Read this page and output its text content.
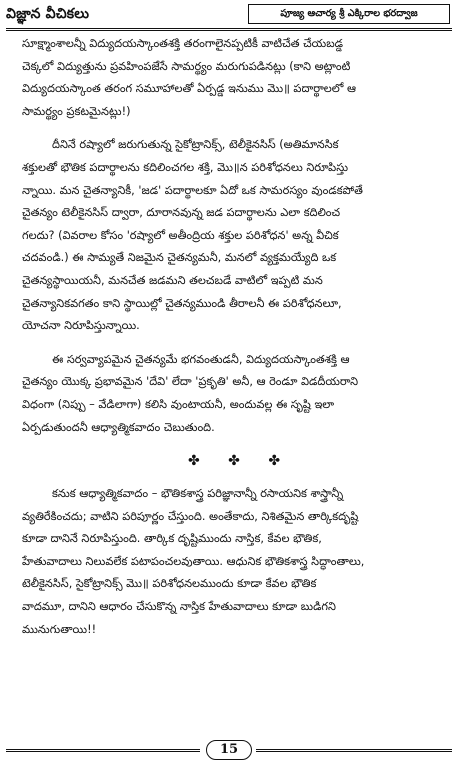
విజ్ఞాన వీచికలు	పూజ్య ఆచార్య శ్రీ ఎక్కిరాల భరద్వాజ

సూక్ష్మాంశాలన్నీ విద్యుదయస్కాంతశక్తి తరంగాలైనప్పటికీ వాటిచేత చేయబడ్డ

చెక్కలో విద్యుత్తును ప్రవహింపజేసే సామర్థ్యం మరుగుపడినట్లు (కాని అట్లాంటి

విద్యుదయస్కాంత తరంగ సమూహాలతో ఏర్పడ్డ ఇనుము మొ॥ పదార్థాలలో ఆ

సామర్థ్యం ప్రకటమైనట్లు!)

దీనినే రష్యాలో జరుగుతున్న సైకోట్రానిక్స్, టెలీకైనసిస్ (అతిమానసిక

శక్తులతో భౌతిక పదార్థాలను కదిలించగల శక్తి, మొ॥న పరిశోధనలు నిరూపిస్తు

న్నాయి. మన చైతన్యానికీ, 'జడ' పదార్థాలకూ ఏదో ఒక సామరస్యం వుండకపోతే

చైతన్యం టెలీకైనసిస్ ద్వారా, దూరానవున్న జడ పదార్థాలను ఎలా కదిలించ

గలదు? (వివరాల కోసం 'రష్యాలో అతీంద్రియ శక్తుల పరిశోధన' అన్న వీచిక

చదవండి.) ఈ సామ్యతే నిజమైన చైతన్యమనీ, మనలో వ్యక్తమయ్యేది ఒక

చైతన్యస్థాయియనీ, మనచేత జడమని తలచబడే వాటిలో ఇప్పటి మన

చైతన్యానికవగతం కాని స్థాయిల్లో చైతన్యముండి తీరాలనీ ఈ పరిశోధనలూ,

యోచనా నిరూపిస్తున్నాయి.

ఈ సర్వవ్యాపమైన చైతన్యమే భగవంతుడనీ, విద్యుదయస్కాంతశక్తి ఆ

చైతన్యం యొక్క ప్రభావమైన 'దేవి' లేదా 'ప్రకృతి' అనీ, ఆ రెండూ విడదీయరాని

విధంగా (నిప్పు – వేడిలాగా) కలిసి వుంటాయనీ, అందువల్ల ఈ సృష్టి ఇలా

ఏర్పడుతుందనీ ఆధ్యాత్మికవాదం చెబుతుంది.

✤ ✤ ✤

కనుక ఆధ్యాత్మికవాదం – భౌతికశాస్త్ర పరిజ్ఞానాన్నీ రసాయనిక శాస్త్రాన్నీ

వ్యతిరేకించదు; వాటిని పరిపూర్ణం చేస్తుంది. అంతేకాదు, నిశితమైన తార్కికదృష్టి

కూడా దానినే నిరూపిస్తుంది. తార్కిక దృష్టిముందు నాస్తిక, కేవల భౌతిక,

హేతువాదాలు నిలువలేక పటాపంచలవుతాయి. ఆధునిక భౌతికశాస్త్ర సిద్ధాంతాలు,

టెలీకైనసిస్, సైకోట్రానిక్స్ మొ॥ పరిశోధనలముందు కూడా కేవల భౌతిక

వాదమూ, దానిని ఆధారం చేసుకొన్న నాస్తిక హేతువాదాలు కూడా బుడిగని

మునుగుతాయి!!

15
